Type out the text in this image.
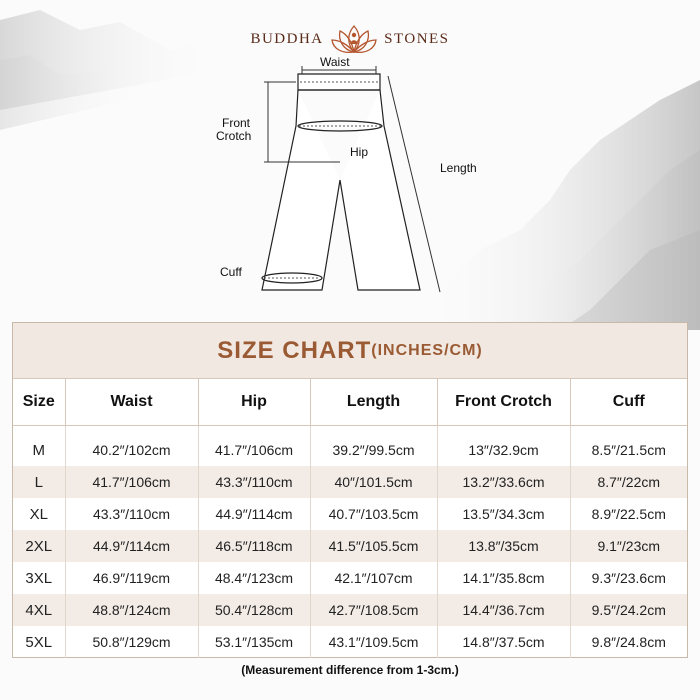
BUDDHA	STONES
Waist
Front
Crotch
Hip
Length
Cuff
SIZE CHART (INCHES/CM)
Size	Waist	Hip	Length	Front Crotch	Cuff
M	40.2″/102cm	41.7″/106cm	39.2″/99.5cm	13″/32.9cm	8.5″/21.5cm
L	41.7″/106cm	43.3″/110cm	40″/101.5cm	13.2″/33.6cm	8.7″/22cm
XL	43.3″/110cm	44.9″/114cm	40.7″/103.5cm	13.5″/34.3cm	8.9″/22.5cm
2XL	44.9″/114cm	46.5″/118cm	41.5″/105.5cm	13.8″/35cm	9.1″/23cm
3XL	46.9″/119cm	48.4″/123cm	42.1″/107cm	14.1″/35.8cm	9.3″/23.6cm
4XL	48.8″/124cm	50.4″/128cm	42.7″/108.5cm	14.4″/36.7cm	9.5″/24.2cm
5XL	50.8″/129cm	53.1″/135cm	43.1″/109.5cm	14.8″/37.5cm	9.8″/24.8cm
(Measurement difference from 1-3cm.)
